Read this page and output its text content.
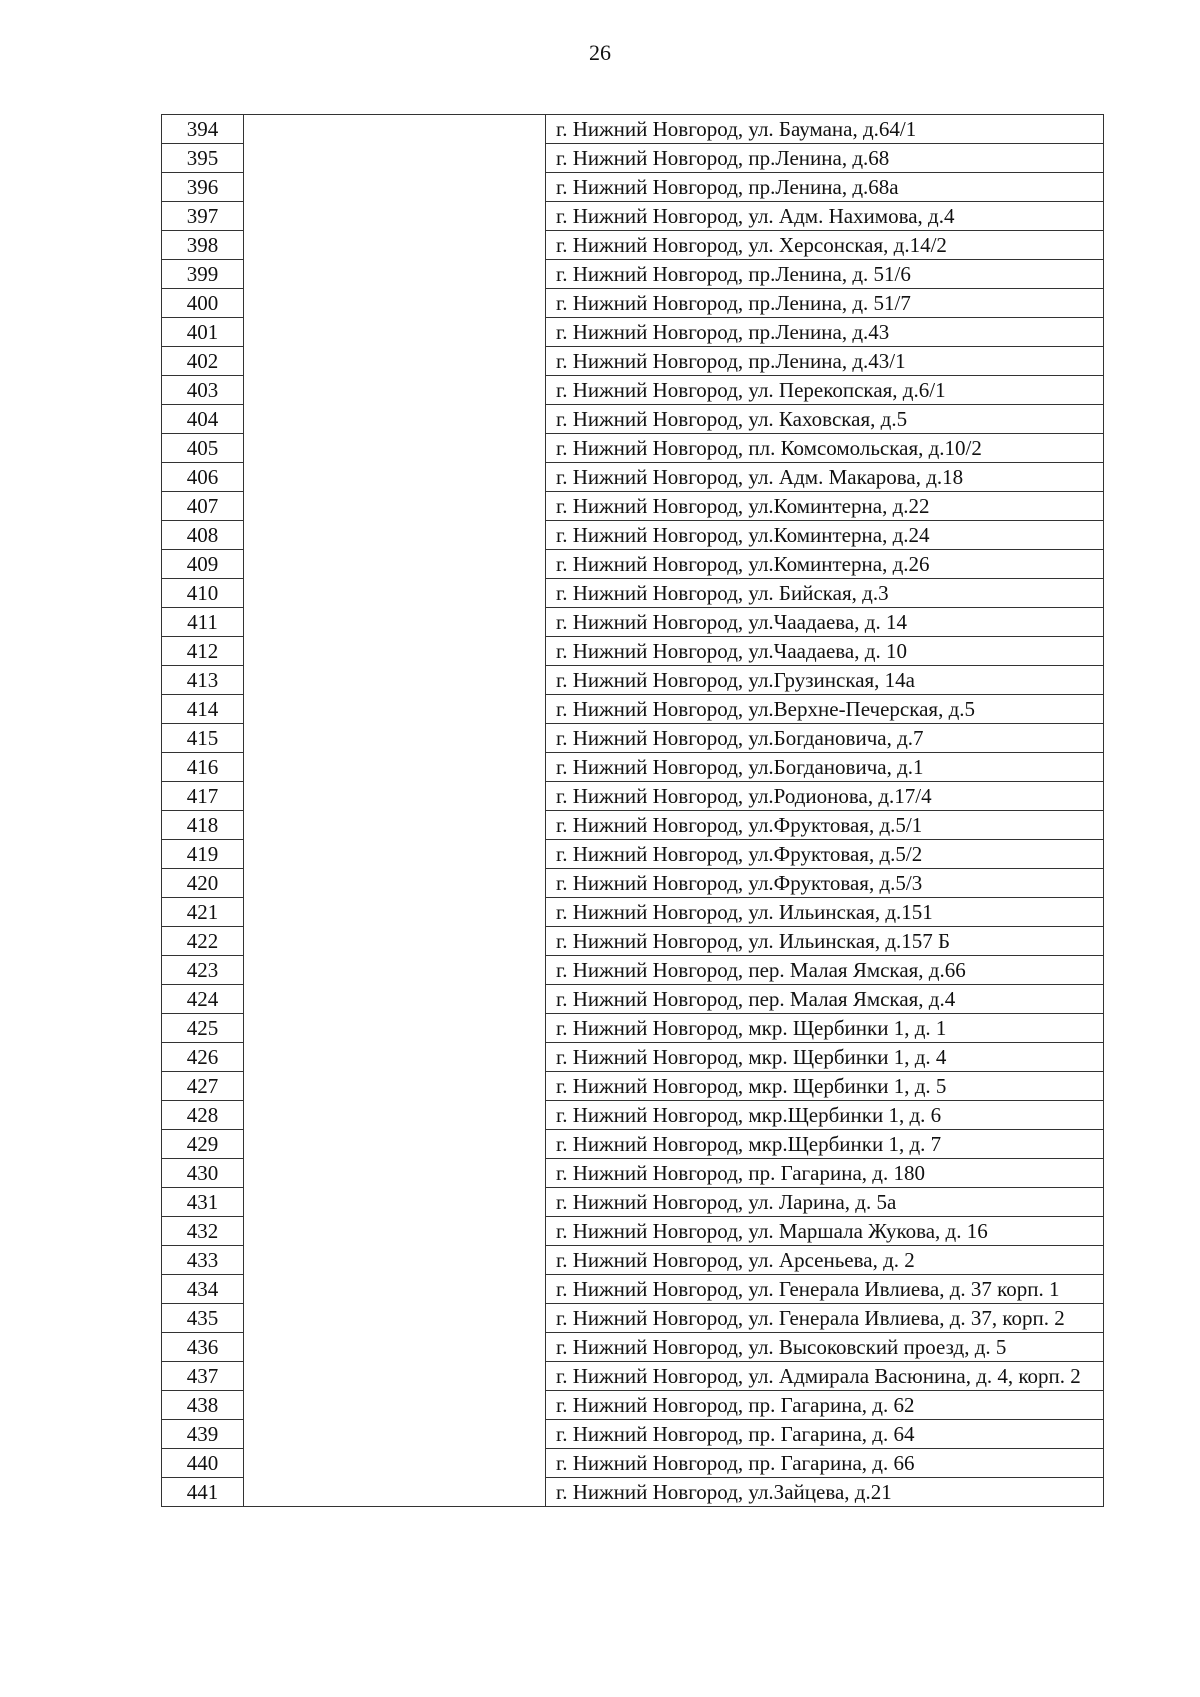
26
394		г. Нижний Новгород, ул. Баумана, д.64/1
395		г. Нижний Новгород, пр.Ленина, д.68
396		г. Нижний Новгород, пр.Ленина, д.68а
397		г. Нижний Новгород, ул. Адм. Нахимова, д.4
398		г. Нижний Новгород, ул. Херсонская, д.14/2
399		г. Нижний Новгород, пр.Ленина, д. 51/6
400		г. Нижний Новгород, пр.Ленина, д. 51/7
401		г. Нижний Новгород, пр.Ленина, д.43
402		г. Нижний Новгород, пр.Ленина, д.43/1
403		г. Нижний Новгород, ул. Перекопская, д.6/1
404		г. Нижний Новгород, ул. Каховская, д.5
405		г. Нижний Новгород, пл. Комсомольская, д.10/2
406		г. Нижний Новгород, ул. Адм. Макарова, д.18
407		г. Нижний Новгород, ул.Коминтерна, д.22
408		г. Нижний Новгород, ул.Коминтерна, д.24
409		г. Нижний Новгород, ул.Коминтерна, д.26
410		г. Нижний Новгород, ул. Бийская, д.3
411		г. Нижний Новгород, ул.Чаадаева, д. 14
412		г. Нижний Новгород, ул.Чаадаева, д. 10
413		г. Нижний Новгород, ул.Грузинская, 14а
414		г. Нижний Новгород, ул.Верхне-Печерская, д.5
415		г. Нижний Новгород, ул.Богдановича, д.7
416		г. Нижний Новгород, ул.Богдановича, д.1
417		г. Нижний Новгород, ул.Родионова, д.17/4
418		г. Нижний Новгород, ул.Фруктовая, д.5/1
419		г. Нижний Новгород, ул.Фруктовая, д.5/2
420		г. Нижний Новгород, ул.Фруктовая, д.5/3
421		г. Нижний Новгород, ул. Ильинская, д.151
422		г. Нижний Новгород, ул. Ильинская, д.157 Б
423		г. Нижний Новгород, пер. Малая Ямская, д.66
424		г. Нижний Новгород, пер. Малая Ямская, д.4
425		г. Нижний Новгород, мкр. Щербинки 1, д. 1
426		г. Нижний Новгород, мкр. Щербинки 1, д. 4
427		г. Нижний Новгород, мкр. Щербинки 1, д. 5
428		г. Нижний Новгород, мкр.Щербинки 1, д. 6
429		г. Нижний Новгород, мкр.Щербинки 1, д. 7
430		г. Нижний Новгород, пр. Гагарина, д. 180
431		г. Нижний Новгород, ул. Ларина, д. 5а
432		г. Нижний Новгород, ул. Маршала Жукова, д. 16
433		г. Нижний Новгород, ул. Арсеньева, д. 2
434		г. Нижний Новгород, ул. Генерала Ивлиева, д. 37 корп. 1
435		г. Нижний Новгород, ул. Генерала Ивлиева, д. 37, корп. 2
436		г. Нижний Новгород, ул. Высоковский проезд, д. 5
437		г. Нижний Новгород, ул. Адмирала Васюнина, д. 4, корп. 2
438		г. Нижний Новгород, пр. Гагарина, д. 62
439		г. Нижний Новгород, пр. Гагарина, д. 64
440		г. Нижний Новгород, пр. Гагарина, д. 66
441		г. Нижний Новгород, ул.Зайцева, д.21
